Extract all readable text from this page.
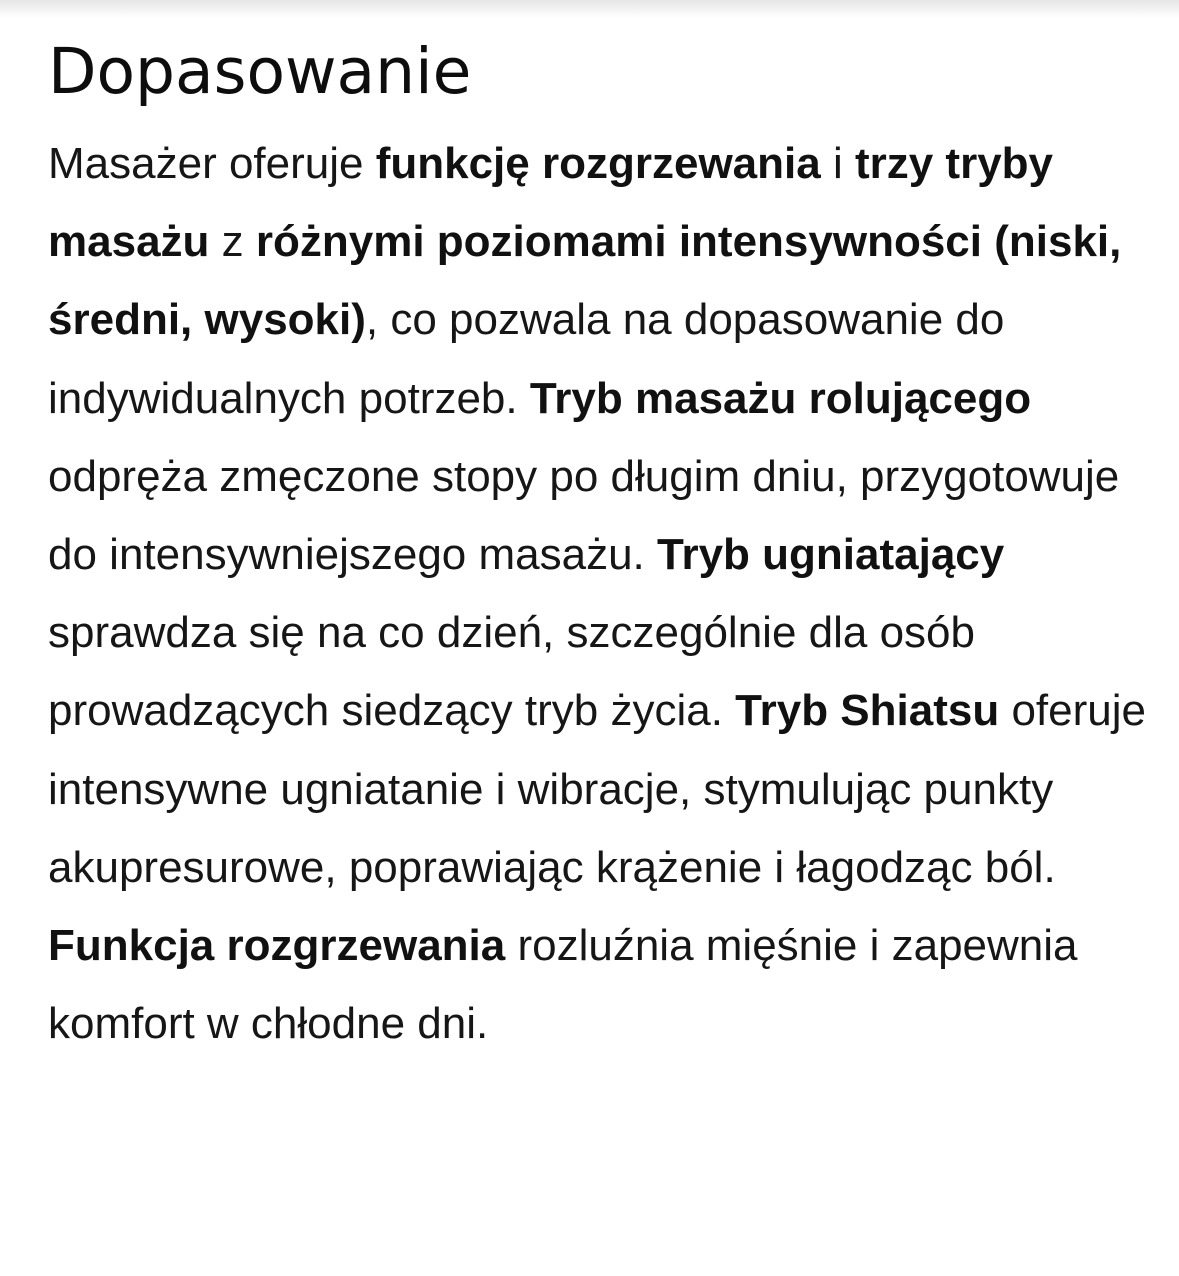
Dopasowanie

Masażer oferuje funkcję rozgrzewania i trzy tryby masażu z różnymi poziomami intensywności (niski, średni, wysoki), co pozwala na dopasowanie do indywidualnych potrzeb. Tryb masażu rolującego odpręża zmęczone stopy po długim dniu, przygotowuje do intensywniejszego masażu. Tryb ugniatający sprawdza się na co dzień, szczególnie dla osób prowadzących siedzący tryb życia. Tryb Shiatsu oferuje intensywne ugniatanie i wibracje, stymulując punkty akupresurowe, poprawiając krążenie i łagodząc ból. Funkcja rozgrzewania rozluźnia mięśnie i zapewnia komfort w chłodne dni.
